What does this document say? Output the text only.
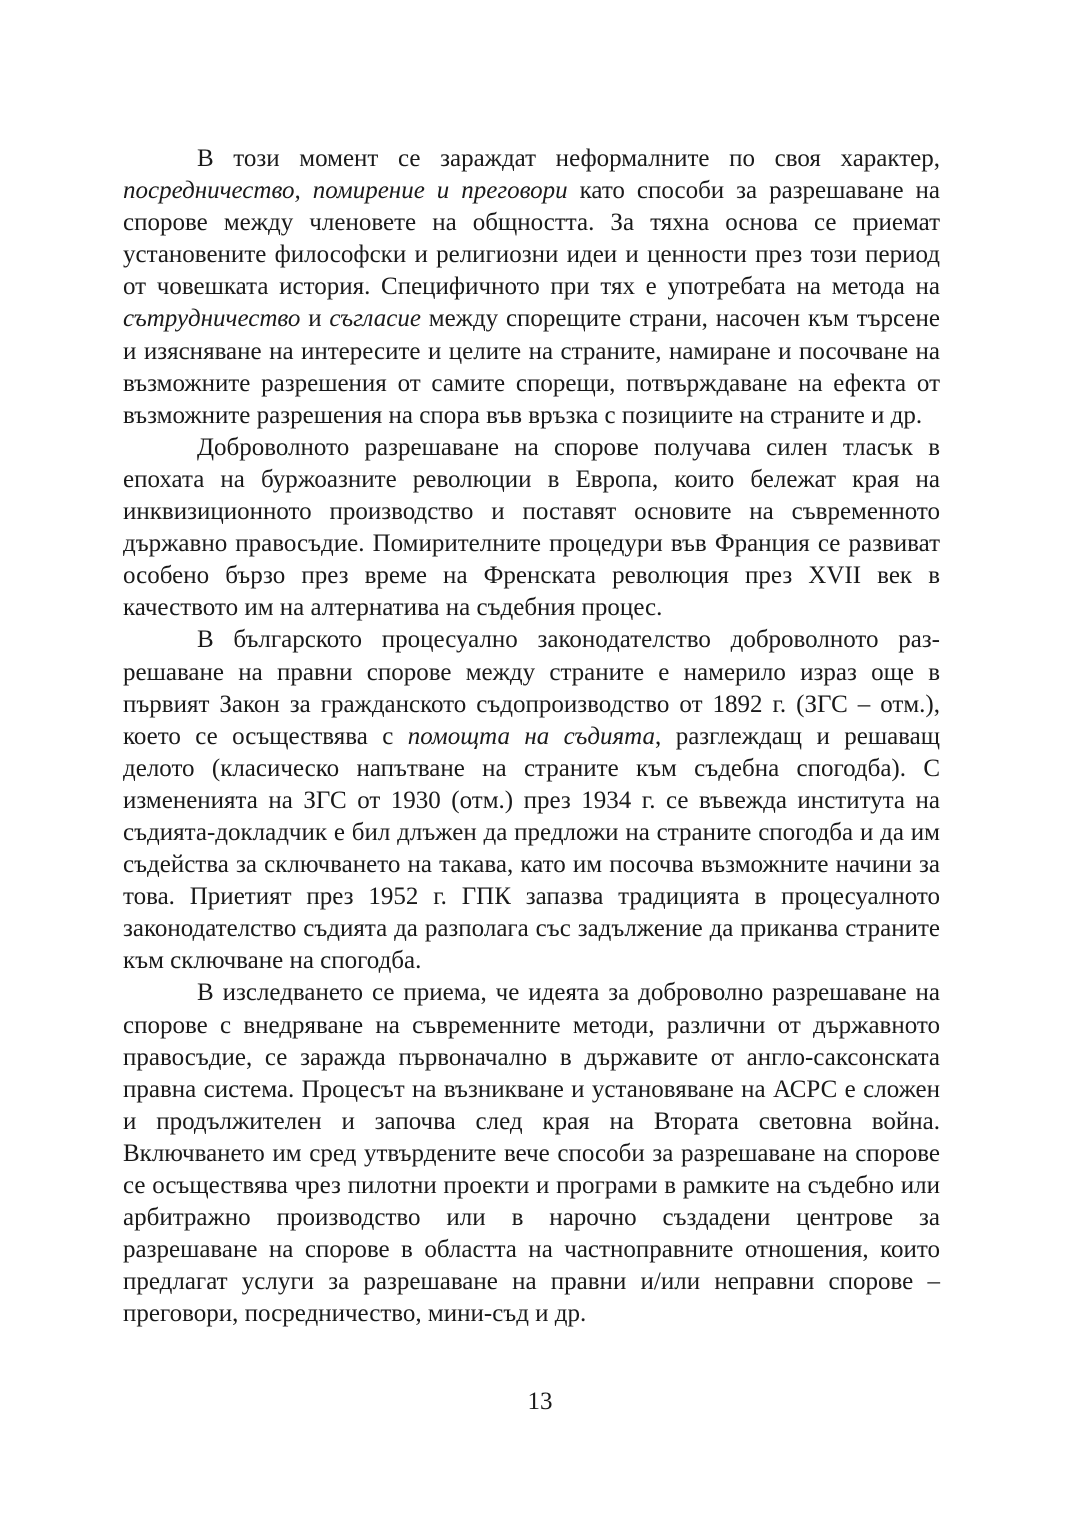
В този момент се зараждат неформалните по своя характер, посредничество, помирение и преговори като способи за разрешаване на спорове между членовете на общността. За тяхна основа се приемат установените философски и религиозни идеи и ценности през този период от човешката история. Специфичното при тях е употребата на метода на сътрудничество и съгласие между спорещите страни, насочен към търсене и изясняване на интересите и целите на страните, намиране и посочване на възможните разрешения от самите спорещи, потвърждаване на ефекта от възможните разрешения на спора във връзка с позициите на страните и др.

Доброволното разрешаване на спорове получава силен тласък в епохата на буржоазните революции в Европа, които бележат края на инквизиционното производство и поставят основите на съвременното държавно правосъдие. Помирителните процедури във Франция се развиват особено бързо през време на Френската революция през XVII век в качеството им на алтернатива на съдебния процес.

В българското процесуално законодателство доброволното разрешаване на правни спорове между страните е намерило израз още в първият Закон за гражданското съдопроизводство от 1892 г. (ЗГС – отм.), което се осъществява с помощта на съдията, разглеждащ и решаващ делото (класическо напътване на страните към съдебна спогодба). С измененията на ЗГС от 1930 (отм.) през 1934 г. се въвежда института на съдията-докладчик е бил длъжен да предложи на страните спогодба и да им съдейства за сключването на такава, като им посочва възможните начини за това. Приетият през 1952 г. ГПК запазва традицията в процесуалното законодателство съдията да разполага със задължение да приканва страните към сключване на спогодба.

В изследването се приема, че идеята за доброволно разрешаване на спорове с внедряване на съвременните методи, различни от държавното правосъдие, се заражда първоначално в държавите от англо-саксонската правна система. Процесът на възникване и установяване на АСРС е сложен и продължителен и започва след края на Втората световна война. Включването им сред утвърдените вече способи за разрешаване на спорове се осъществява чрез пилотни проекти и програми в рамките на съдебно или арбитражно производство или в нарочно създадени центрове за разрешаване на спорове в областта на частноправните отношения, които предлагат услуги за разрешаване на правни и/или неправни спорове – преговори, посредничество, мини-съд и др.

13
